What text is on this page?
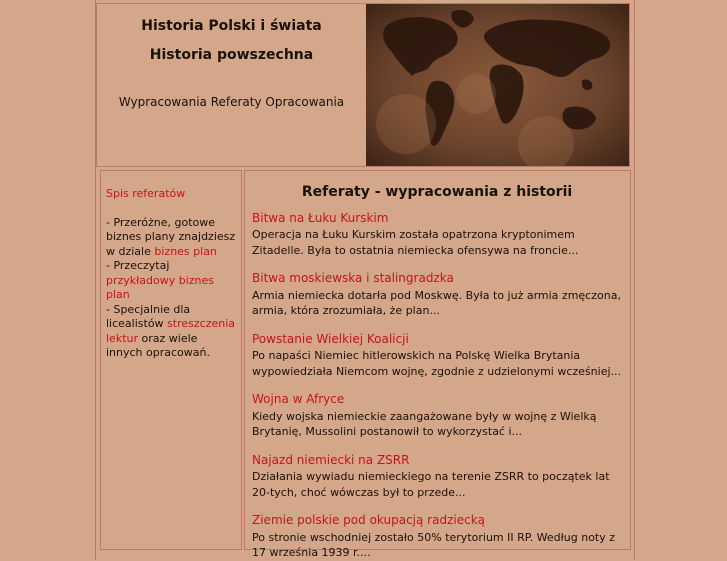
Historia Polski i świata
Historia powszechna
Wypracowania Referaty Opracowania

Spis referatów

- Przeróżne, gotowe biznes plany znajdziesz w dziale biznes plan

- Przeczytaj przykładowy biznes plan

- Specjalnie dla licealistów streszczenia lektur oraz wiele innych opracowań.

Referaty - wypracowania z historii
Bitwa na Łuku Kurskim
Operacja na Łuku Kurskim została opatrzona kryptonimem Zitadelle. Była to ostatnia niemiecka ofensywa na froncie...
Bitwa moskiewska i stalingradzka
Armia niemiecka dotarła pod Moskwę. Była to już armia zmęczona, armia, która zrozumiała, że plan...
Powstanie Wielkiej Koalicji
Po napaści Niemiec hitlerowskich na Polskę Wielka Brytania wypowiedziała Niemcom wojnę, zgodnie z udzielonymi wcześniej...
Wojna w Afryce
Kiedy wojska niemieckie zaangażowane były w wojnę z Wielką Brytanię, Mussolini postanowił to wykorzystać i...
Najazd niemiecki na ZSRR
Działania wywiadu niemieckiego na terenie ZSRR to początek lat 20-tych, choć wówczas był to przede...
Ziemie polskie pod okupacją radziecką
Po stronie wschodniej zostało 50% terytorium II RP. Według noty z 17 września 1939 r....
